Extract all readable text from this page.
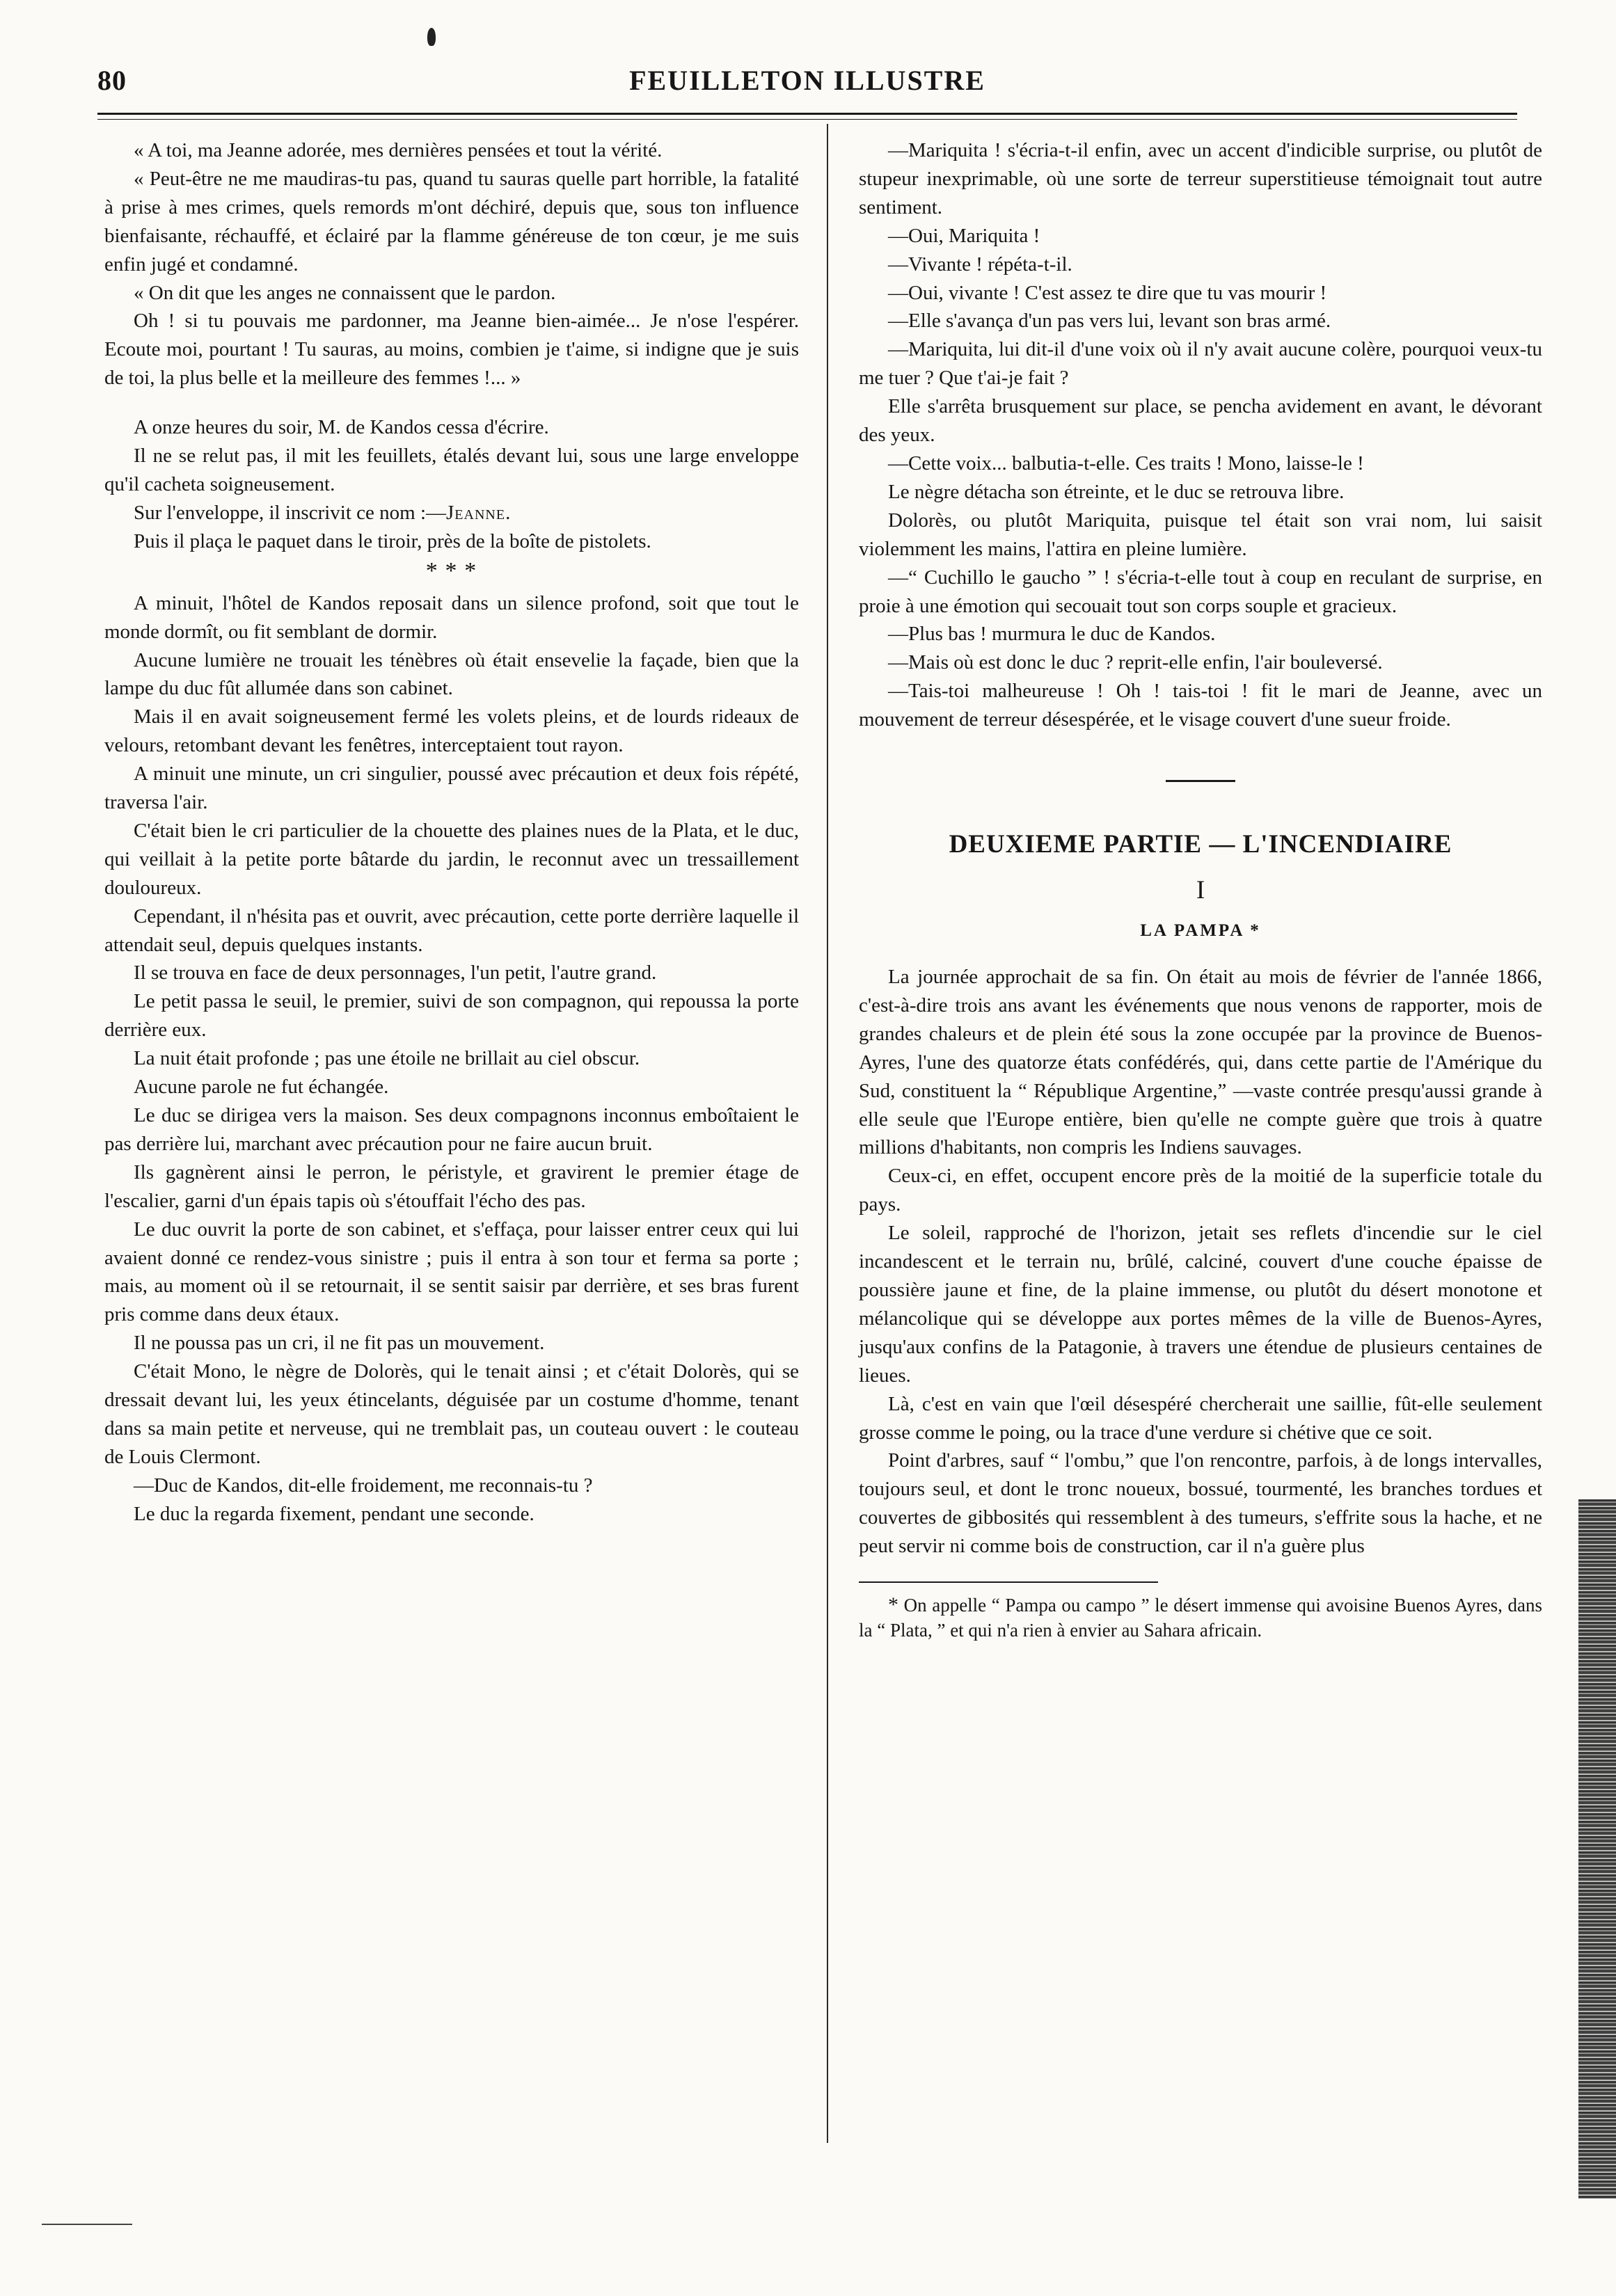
80	FEUILLETON ILLUSTRE

« A toi, ma Jeanne adorée, mes dernières pensées et tout la vérité.

« Peut-être ne me maudiras-tu pas, quand tu sauras quelle part horrible, la fatalité à prise à mes crimes, quels remords m'ont déchiré, depuis que, sous ton influence bienfaisante, réchauffé, et éclairé par la flamme généreuse de ton cœur, je me suis enfin jugé et condamné.

« On dit que les anges ne connaissent que le pardon.

Oh ! si tu pouvais me pardonner, ma Jeanne bien-aimée... Je n'ose l'espérer. Ecoute moi, pourtant ! Tu sauras, au moins, combien je t'aime, si indigne que je suis de toi, la plus belle et la meilleure des femmes !... »

A onze heures du soir, M. de Kandos cessa d'écrire.

Il ne se relut pas, il mit les feuillets, étalés devant lui, sous une large enveloppe qu'il cacheta soigneusement.

Sur l'enveloppe, il inscrivit ce nom :—Jeanne.

Puis il plaça le paquet dans le tiroir, près de la boîte de pistolets.

* * *

A minuit, l'hôtel de Kandos reposait dans un silence profond, soit que tout le monde dormît, ou fit semblant de dormir.

Aucune lumière ne trouait les ténèbres où était ensevelie la façade, bien que la lampe du duc fût allumée dans son cabinet.

Mais il en avait soigneusement fermé les volets pleins, et de lourds rideaux de velours, retombant devant les fenêtres, interceptaient tout rayon.

A minuit une minute, un cri singulier, poussé avec précaution et deux fois répété, traversa l'air.

C'était bien le cri particulier de la chouette des plaines nues de la Plata, et le duc, qui veillait à la petite porte bâtarde du jardin, le reconnut avec un tressaillement douloureux.

Cependant, il n'hésita pas et ouvrit, avec précaution, cette porte derrière laquelle il attendait seul, depuis quelques instants.

Il se trouva en face de deux personnages, l'un petit, l'autre grand.

Le petit passa le seuil, le premier, suivi de son compagnon, qui repoussa la porte derrière eux.

La nuit était profonde ; pas une étoile ne brillait au ciel obscur.

Aucune parole ne fut échangée.

Le duc se dirigea vers la maison. Ses deux compagnons inconnus emboîtaient le pas derrière lui, marchant avec précaution pour ne faire aucun bruit.

Ils gagnèrent ainsi le perron, le péristyle, et gravirent le premier étage de l'escalier, garni d'un épais tapis où s'étouffait l'écho des pas.

Le duc ouvrit la porte de son cabinet, et s'effaça, pour laisser entrer ceux qui lui avaient donné ce rendez-vous sinistre ; puis il entra à son tour et ferma sa porte ; mais, au moment où il se retournait, il se sentit saisir par derrière, et ses bras furent pris comme dans deux étaux.

Il ne poussa pas un cri, il ne fit pas un mouvement.

C'était Mono, le nègre de Dolorès, qui le tenait ainsi ; et c'était Dolorès, qui se dressait devant lui, les yeux étincelants, déguisée par un costume d'homme, tenant dans sa main petite et nerveuse, qui ne tremblait pas, un couteau ouvert : le couteau de Louis Clermont.

—Duc de Kandos, dit-elle froidement, me reconnais-tu ?

Le duc la regarda fixement, pendant une seconde.

—Mariquita ! s'écria-t-il enfin, avec un accent d'indicible surprise, ou plutôt de stupeur inexprimable, où une sorte de terreur superstitieuse témoignait tout autre sentiment.

—Oui, Mariquita !

—Vivante ! répéta-t-il.

—Oui, vivante ! C'est assez te dire que tu vas mourir !

—Elle s'avança d'un pas vers lui, levant son bras armé.

—Mariquita, lui dit-il d'une voix où il n'y avait aucune colère, pourquoi veux-tu me tuer ? Que t'ai-je fait ?

Elle s'arrêta brusquement sur place, se pencha avidement en avant, le dévorant des yeux.

—Cette voix... balbutia-t-elle. Ces traits ! Mono, laisse-le !

Le nègre détacha son étreinte, et le duc se retrouva libre.

Dolorès, ou plutôt Mariquita, puisque tel était son vrai nom, lui saisit violemment les mains, l'attira en pleine lumière.

—“ Cuchillo le gaucho ” ! s'écria-t-elle tout à coup en reculant de surprise, en proie à une émotion qui secouait tout son corps souple et gracieux.

—Plus bas ! murmura le duc de Kandos.

—Mais où est donc le duc ? reprit-elle enfin, l'air bouleversé.

—Tais-toi malheureuse ! Oh ! tais-toi ! fit le mari de Jeanne, avec un mouvement de terreur désespérée, et le visage couvert d'une sueur froide.

DEUXIEME PARTIE — L'INCENDIAIRE
I
LA PAMPA *

La journée approchait de sa fin. On était au mois de février de l'année 1866, c'est-à-dire trois ans avant les événements que nous venons de rapporter, mois de grandes chaleurs et de plein été sous la zone occupée par la province de Buenos-Ayres, l'une des quatorze états confédérés, qui, dans cette partie de l'Amérique du Sud, constituent la “ République Argentine,” —vaste contrée presqu'aussi grande à elle seule que l'Europe entière, bien qu'elle ne compte guère que trois à quatre millions d'habitants, non compris les Indiens sauvages.

Ceux-ci, en effet, occupent encore près de la moitié de la superficie totale du pays.

Le soleil, rapproché de l'horizon, jetait ses reflets d'incendie sur le ciel incandescent et le terrain nu, brûlé, calciné, couvert d'une couche épaisse de poussière jaune et fine, de la plaine immense, ou plutôt du désert monotone et mélancolique qui se développe aux portes mêmes de la ville de Buenos-Ayres, jusqu'aux confins de la Patagonie, à travers une étendue de plusieurs centaines de lieues.

Là, c'est en vain que l'œil désespéré chercherait une saillie, fût-elle seulement grosse comme le poing, ou la trace d'une verdure si chétive que ce soit.

Point d'arbres, sauf “ l'ombu,” que l'on rencontre, parfois, à de longs intervalles, toujours seul, et dont le tronc noueux, bossué, tourmenté, les branches tordues et couvertes de gibbosités qui ressemblent à des tumeurs, s'effrite sous la hache, et ne peut servir ni comme bois de construction, car il n'a guère plus

* On appelle “ Pampa ou campo ” le désert immense qui avoisine Buenos Ayres, dans la “ Plata, ” et qui n'a rien à envier au Sahara africain.
